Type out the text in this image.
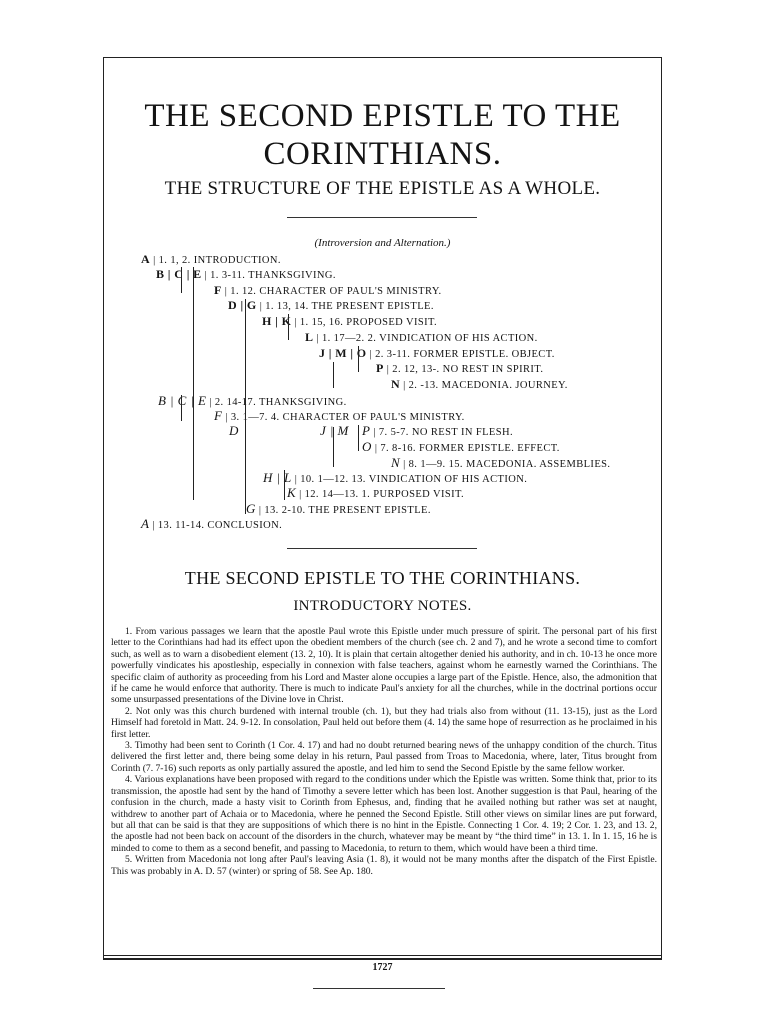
THE SECOND EPISTLE TO THE
CORINTHIANS.
THE STRUCTURE OF THE EPISTLE AS A WHOLE.
(Introversion and Alternation.)
A | 1. 1, 2. INTRODUCTION.
B | C | E | 1. 3-11. THANKSGIVING.
F | 1. 12. CHARACTER OF PAUL'S MINISTRY.
D | G | 1. 13, 14. THE PRESENT EPISTLE.
H | K | 1. 15, 16. PROPOSED VISIT.
L | 1. 17—2. 2. VINDICATION OF HIS ACTION.
J | M | O | 2. 3-11. FORMER EPISTLE. OBJECT.
P | 2. 12, 13-. NO REST IN SPIRIT.
N | 2. -13. MACEDONIA. JOURNEY.
B | C | E | 2. 14-17. THANKSGIVING.
F | 3. 1—7. 4. CHARACTER OF PAUL'S MINISTRY.
D	J | M P | 7. 5-7. NO REST IN FLESH.
O | 7. 8-16. FORMER EPISTLE. EFFECT.
N | 8. 1—9. 15. MACEDONIA. ASSEMBLIES.
H | L | 10. 1—12. 13. VINDICATION OF HIS ACTION.
K | 12. 14—13. 1. PURPOSED VISIT.
G | 13. 2-10. THE PRESENT EPISTLE.
A | 13. 11-14. CONCLUSION.
THE SECOND EPISTLE TO THE CORINTHIANS.
INTRODUCTORY NOTES.

1. From various passages we learn that the apostle Paul wrote this Epistle under much pressure of spirit. The personal part of his first letter to the Corinthians had had its effect upon the obedient members of the church (see ch. 2 and 7), and he wrote a second time to comfort such, as well as to warn a disobedient element (13. 2, 10). It is plain that certain altogether denied his authority, and in ch. 10-13 he once more powerfully vindicates his apostleship, especially in connexion with false teachers, against whom he earnestly warned the Corinthians. The specific claim of authority as proceeding from his Lord and Master alone occupies a large part of the Epistle. Hence, also, the admonition that if he came he would enforce that authority. There is much to indicate Paul's anxiety for all the churches, while in the doctrinal portions occur some unsurpassed presentations of the Divine love in Christ.

2. Not only was this church burdened with internal trouble (ch. 1), but they had trials also from without (11. 13-15), just as the Lord Himself had foretold in Matt. 24. 9-12. In consolation, Paul held out before them (4. 14) the same hope of resurrection as he proclaimed in his first letter.

3. Timothy had been sent to Corinth (1 Cor. 4. 17) and had no doubt returned bearing news of the unhappy condition of the church. Titus delivered the first letter and, there being some delay in his return, Paul passed from Troas to Macedonia, where, later, Titus brought from Corinth (7. 7-16) such reports as only partially assured the apostle, and led him to send the Second Epistle by the same fellow worker.

4. Various explanations have been proposed with regard to the conditions under which the Epistle was written. Some think that, prior to its transmission, the apostle had sent by the hand of Timothy a severe letter which has been lost. Another suggestion is that Paul, hearing of the confusion in the church, made a hasty visit to Corinth from Ephesus, and, finding that he availed nothing but rather was set at naught, withdrew to another part of Achaia or to Macedonia, where he penned the Second Epistle. Still other views on similar lines are put forward, but all that can be said is that they are suppositions of which there is no hint in the Epistle. Connecting 1 Cor. 4. 19; 2 Cor. 1. 23, and 13. 2, the apostle had not been back on account of the disorders in the church, whatever may be meant by “the third time” in 13. 1. In 1. 15, 16 he is minded to come to them as a second benefit, and passing to Macedonia, to return to them, which would have been a third time.

5. Written from Macedonia not long after Paul's leaving Asia (1. 8), it would not be many months after the dispatch of the First Epistle. This was probably in A. D. 57 (winter) or spring of 58. See Ap. 180.

1727
